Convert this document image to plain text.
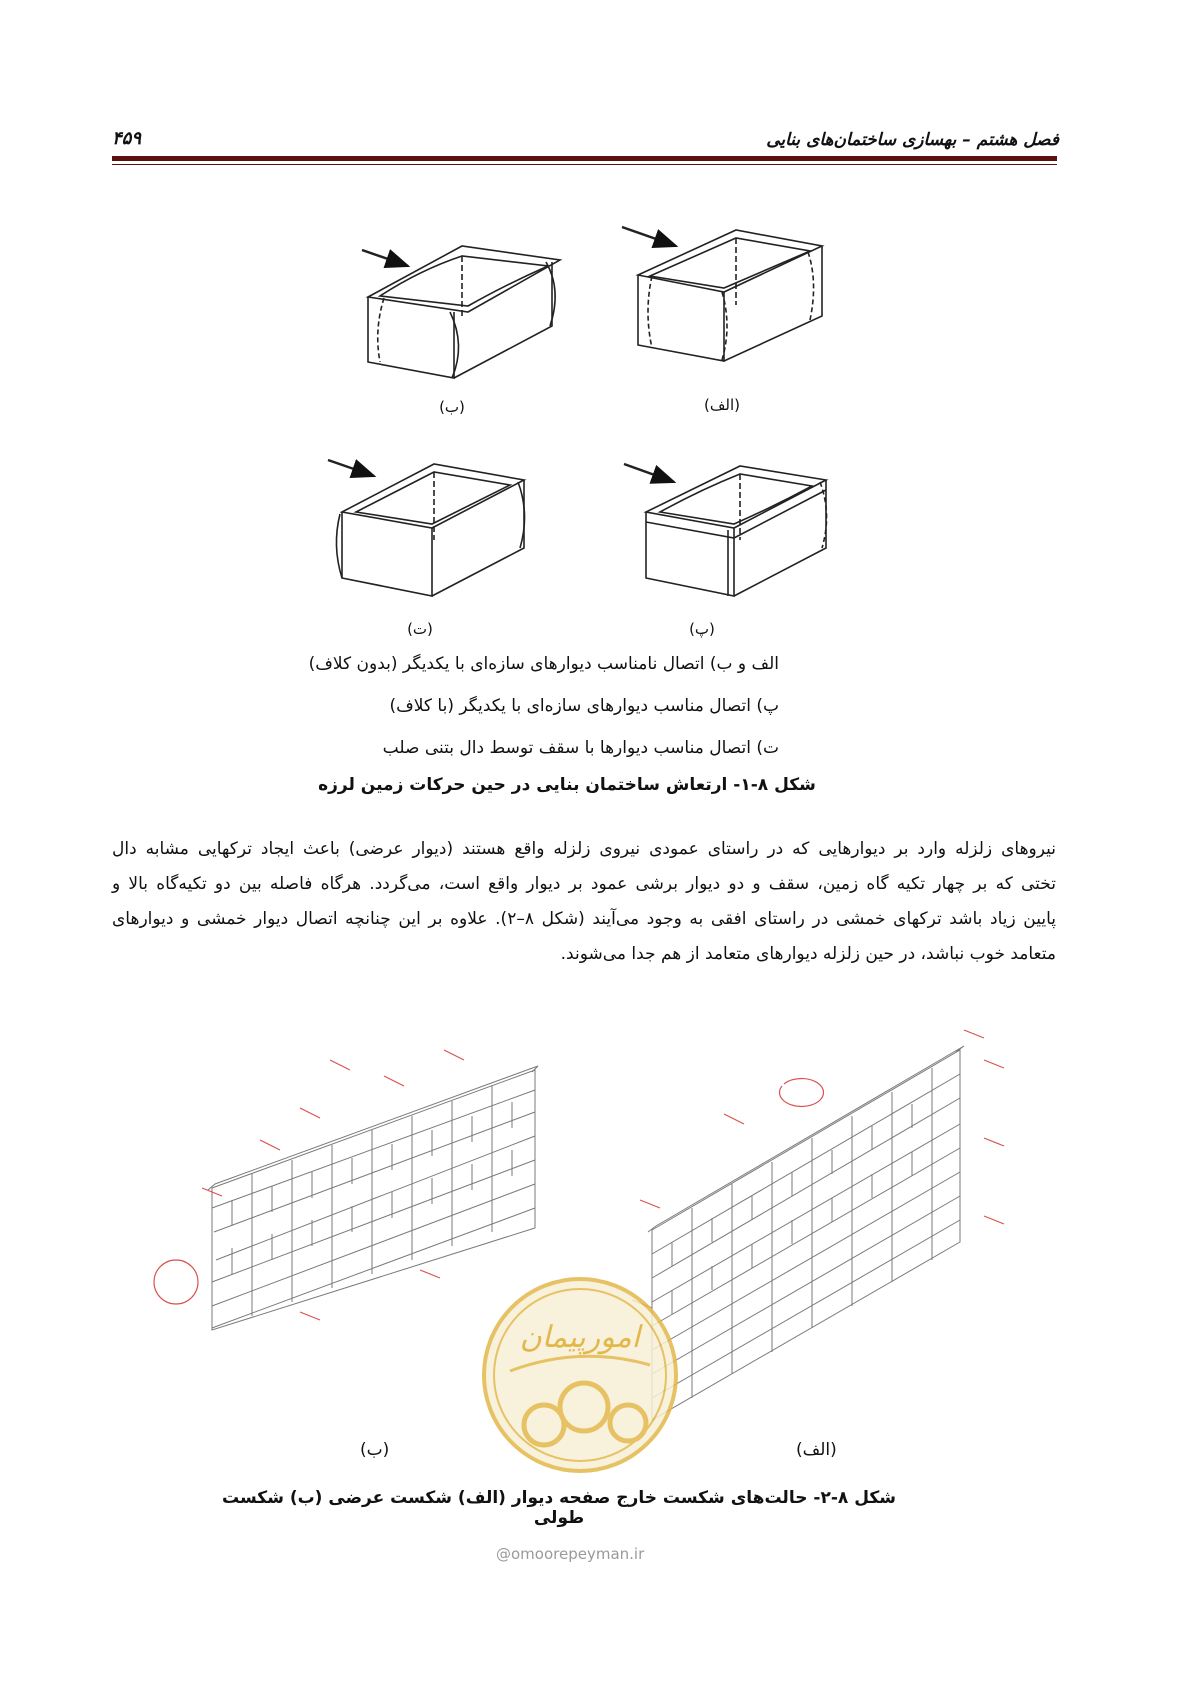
فصل هشتم – بهسازی ساختمان‌های بنایی
۴۵۹
(ب)	(الف)
(ت)	(پ)
الف و ب) اتصال نامناسب دیوارهای سازه‌ای با یکدیگر (بدون کلاف)
پ) اتصال مناسب دیوارهای سازه‌ای با یکدیگر (با کلاف)
ت) اتصال مناسب دیوارها با سقف توسط دال بتنی صلب
شکل ۸-۱- ارتعاش ساختمان بنایی در حین حرکات زمین لرزه
نیروهای زلزله وارد بر دیوارهایی که در راستای عمودی نیروی زلزله واقع هستند (دیوار عرضی) باعث ایجاد ترکهایی مشابه دال
تختی که بر چهار تکیه گاه زمین، سقف و دو دیوار برشی عمود بر دیوار واقع است، می‌گردد. هرگاه فاصله بین دو تکیه‌گاه بالا و
پایین زیاد باشد ترکهای خمشی در راستای افقی به وجود می‌آیند (شکل ۸–۲). علاوه بر این چنانچه اتصال دیوار خمشی و دیوارهای
متعامد خوب نباشد، در حین زلزله دیوارهای متعامد از هم جدا می‌شوند.
امورپیمان
(ب)	(الف)
شکل ۸-۲- حالت‌های شکست خارج صفحه دیوار (الف) شکست عرضی (ب) شکست طولی
@omoorepeyman.ir
